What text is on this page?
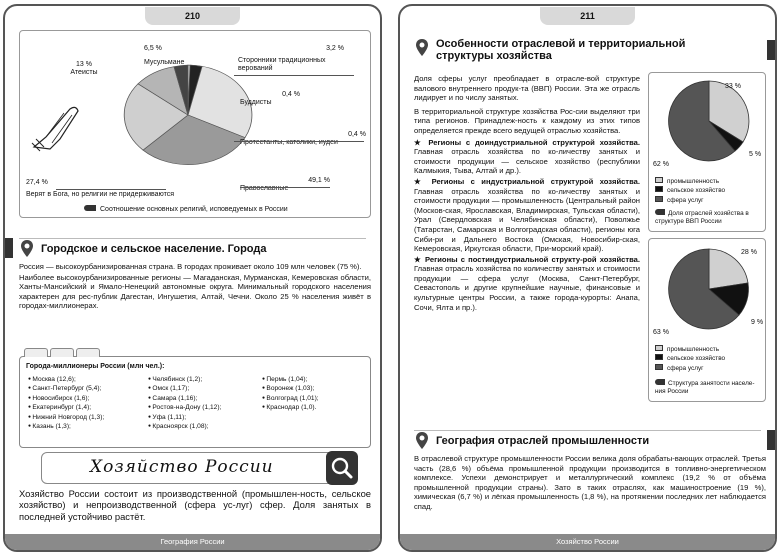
210
13 %
Атеисты
6,5 %
Мусульмане
3,2 %
Сторонники традиционных верований
0,4 %
Буддисты
0,4 %
Протестанты, католики, иудеи
49,1 %
Православные
27,4 %
Верят в Бога, но религии не придерживаются
Соотношение основных религий, исповедуемых в России
Городское и сельское население. Города

Россия — высокоурбанизированная страна. В городах проживает около 109 млн человек (75 %).

Наиболее высокоурбанизированные регионы — Магаданская, Мурманская, Кемеровская области, Ханты-Мансийский и Ямало-Ненецкий автономные округа. Минимальный городского населения характерен для рес-публик Дагестан, Ингушетия, Алтай, Чечни. Около 25 % населения живёт в городах-миллионерах.

Города-миллионеры России (млн чел.):
● Москва (12,6);
● Санкт-Петербург (5,4);
● Новосибирск (1,6);
● Екатеринбург (1,4);
● Нижний Новгород (1,3);
● Казань (1,3);
● Челябинск (1,2);
● Омск (1,17);
● Самара (1,16);
● Ростов-на-Дону (1,12);
● Уфа (1,11);
● Красноярск (1,08);
● Пермь (1,04);
● Воронеж (1,03);
● Волгоград (1,01);
● Краснодар (1,0).
Хозяйство России
Хозяйство России состоит из производственной (промышлен-ность, сельское хозяйство) и непроизводственной (сфера ус-луг) сфер. Доля занятых в последней устойчиво растёт.
География России
211
Особенности отраслевой и территориальной
структуры хозяйства

Доля сферы услуг преобладает в отрасле-вой структуре валового внутреннего продук-та (ВВП) России. Эта же отрасль лидирует и по числу занятых.

В территориальной структуре хозяйства Рос-сии выделяют три типа регионов. Принадлеж-ность к каждому из этих типов определяется прежде всего ведущей отраслью хозяйства.

★ Регионы с доиндустриальной структурой хозяйства. Главная отрасль хозяйства по ко-личеству занятых и стоимости продукции — сельское хозяйство (республики Калмыкия, Тыва, Алтай и др.).

★ Регионы с индустриальной структурой хозяйства. Главная отрасль хозяйства по ко-личеству занятых и стоимости продукции — промышленность (Центральный район (Москов-ская, Ярославская, Владимирская, Тульская области), Урал (Свердловская и Челябинская области), Поволжье (Татарстан, Самарская и Волгоградская области), регионы юга Сиби-ри и Дальнего Востока (Омская, Новосибир-ская, Кемеровская, Иркутская области, При-морский край).

★ Регионы с постиндустриальной структу-рой хозяйства. Главная отрасль хозяйства по количеству занятых и стоимости продукции — сфера услуг (Москва, Санкт-Петербург, Севастополь и другие крупнейшие научные, финансовые и культурные центры России, а также города-курорты: Анапа, Сочи, Ялта и пр.).

33 %
5 %
62 %
промышленность
сельское хозяйство
сфера услуг
Доля отраслей хозяйства в структуре ВВП России
28 %
9 %
63 %
промышленность
сельское хозяйство
сфера услуг
Структура занятости населе-ния России
География отраслей промышленности
В отраслевой структуре промышленности России велика доля обрабаты-вающих отраслей. Третья часть (28,6 %) объёма промышленной продукции производится в топливно-энергетическом комплексе. Успехи демонстрирует и металлургический комплекс (19,2 % от объёма промышленной продукции страны). Зато в таких отраслях, как машиностроение (19 %), химическая (6,7 %) и лёгкая промышленность (1,8 %), на протяжении последних лет наблюдается спад.
Хозяйство России
